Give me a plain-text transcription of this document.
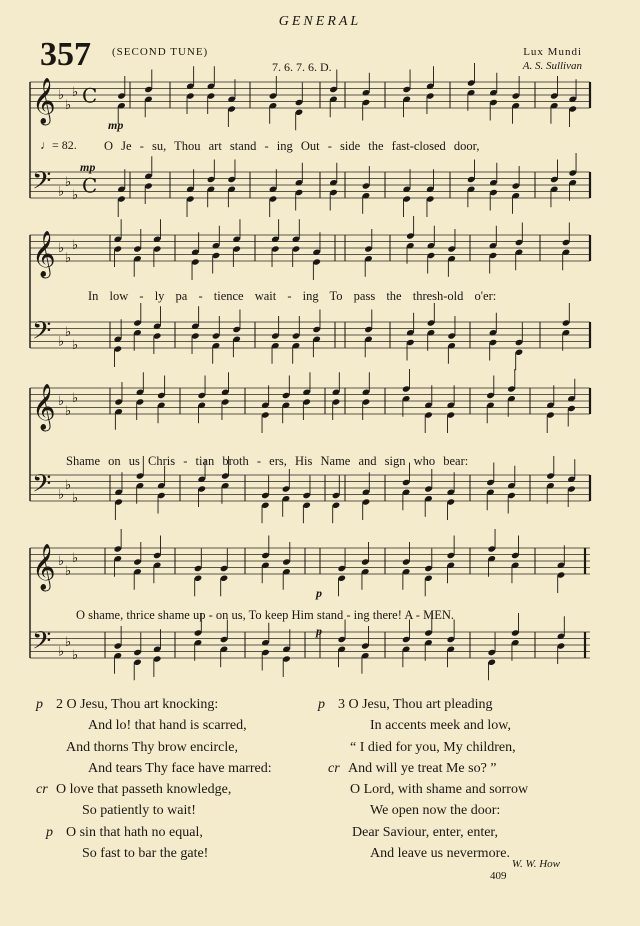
GENERAL
357 (SECOND TUNE)
7. 6. 7. 6. D.
Lux Mundi
A. S. Sullivan
𝄞 ♭
♭
♭ C
𝄢 ♭
♭
♭ C
𝄞 ♭
♭
♭
𝄢 ♭
♭
♭
𝄞 ♭
♭
♭
𝄢 ♭
♭
♭
𝄞 ♭
♭
♭
𝄢 ♭
♭
♭
♩= 82.
mp
mp
p
p
O Je - su, Thou art stand - ing Out - side the fast-closed door,
In low - ly pa - tience wait - ing To pass the thresh-old o'er:
Shame on us Chris - tian broth - ers, His Name and sign who bear:
O shame, thrice shame up - on us, To keep Him stand - ing there! A - MEN.
p 2 O Jesu, Thou art knocking:
And lo! that hand is scarred,
And thorns Thy brow encircle,
And tears Thy face have marred:
cr O love that passeth knowledge,
So patiently to wait!
p O sin that hath no equal,
So fast to bar the gate!
p 3 O Jesu, Thou art pleading
In accents meek and low,
“ I died for you, My children,
cr And will ye treat Me so? ”
O Lord, with shame and sorrow
We open now the door:
Dear Saviour, enter, enter,
And leave us nevermore.
W. W. How
409
